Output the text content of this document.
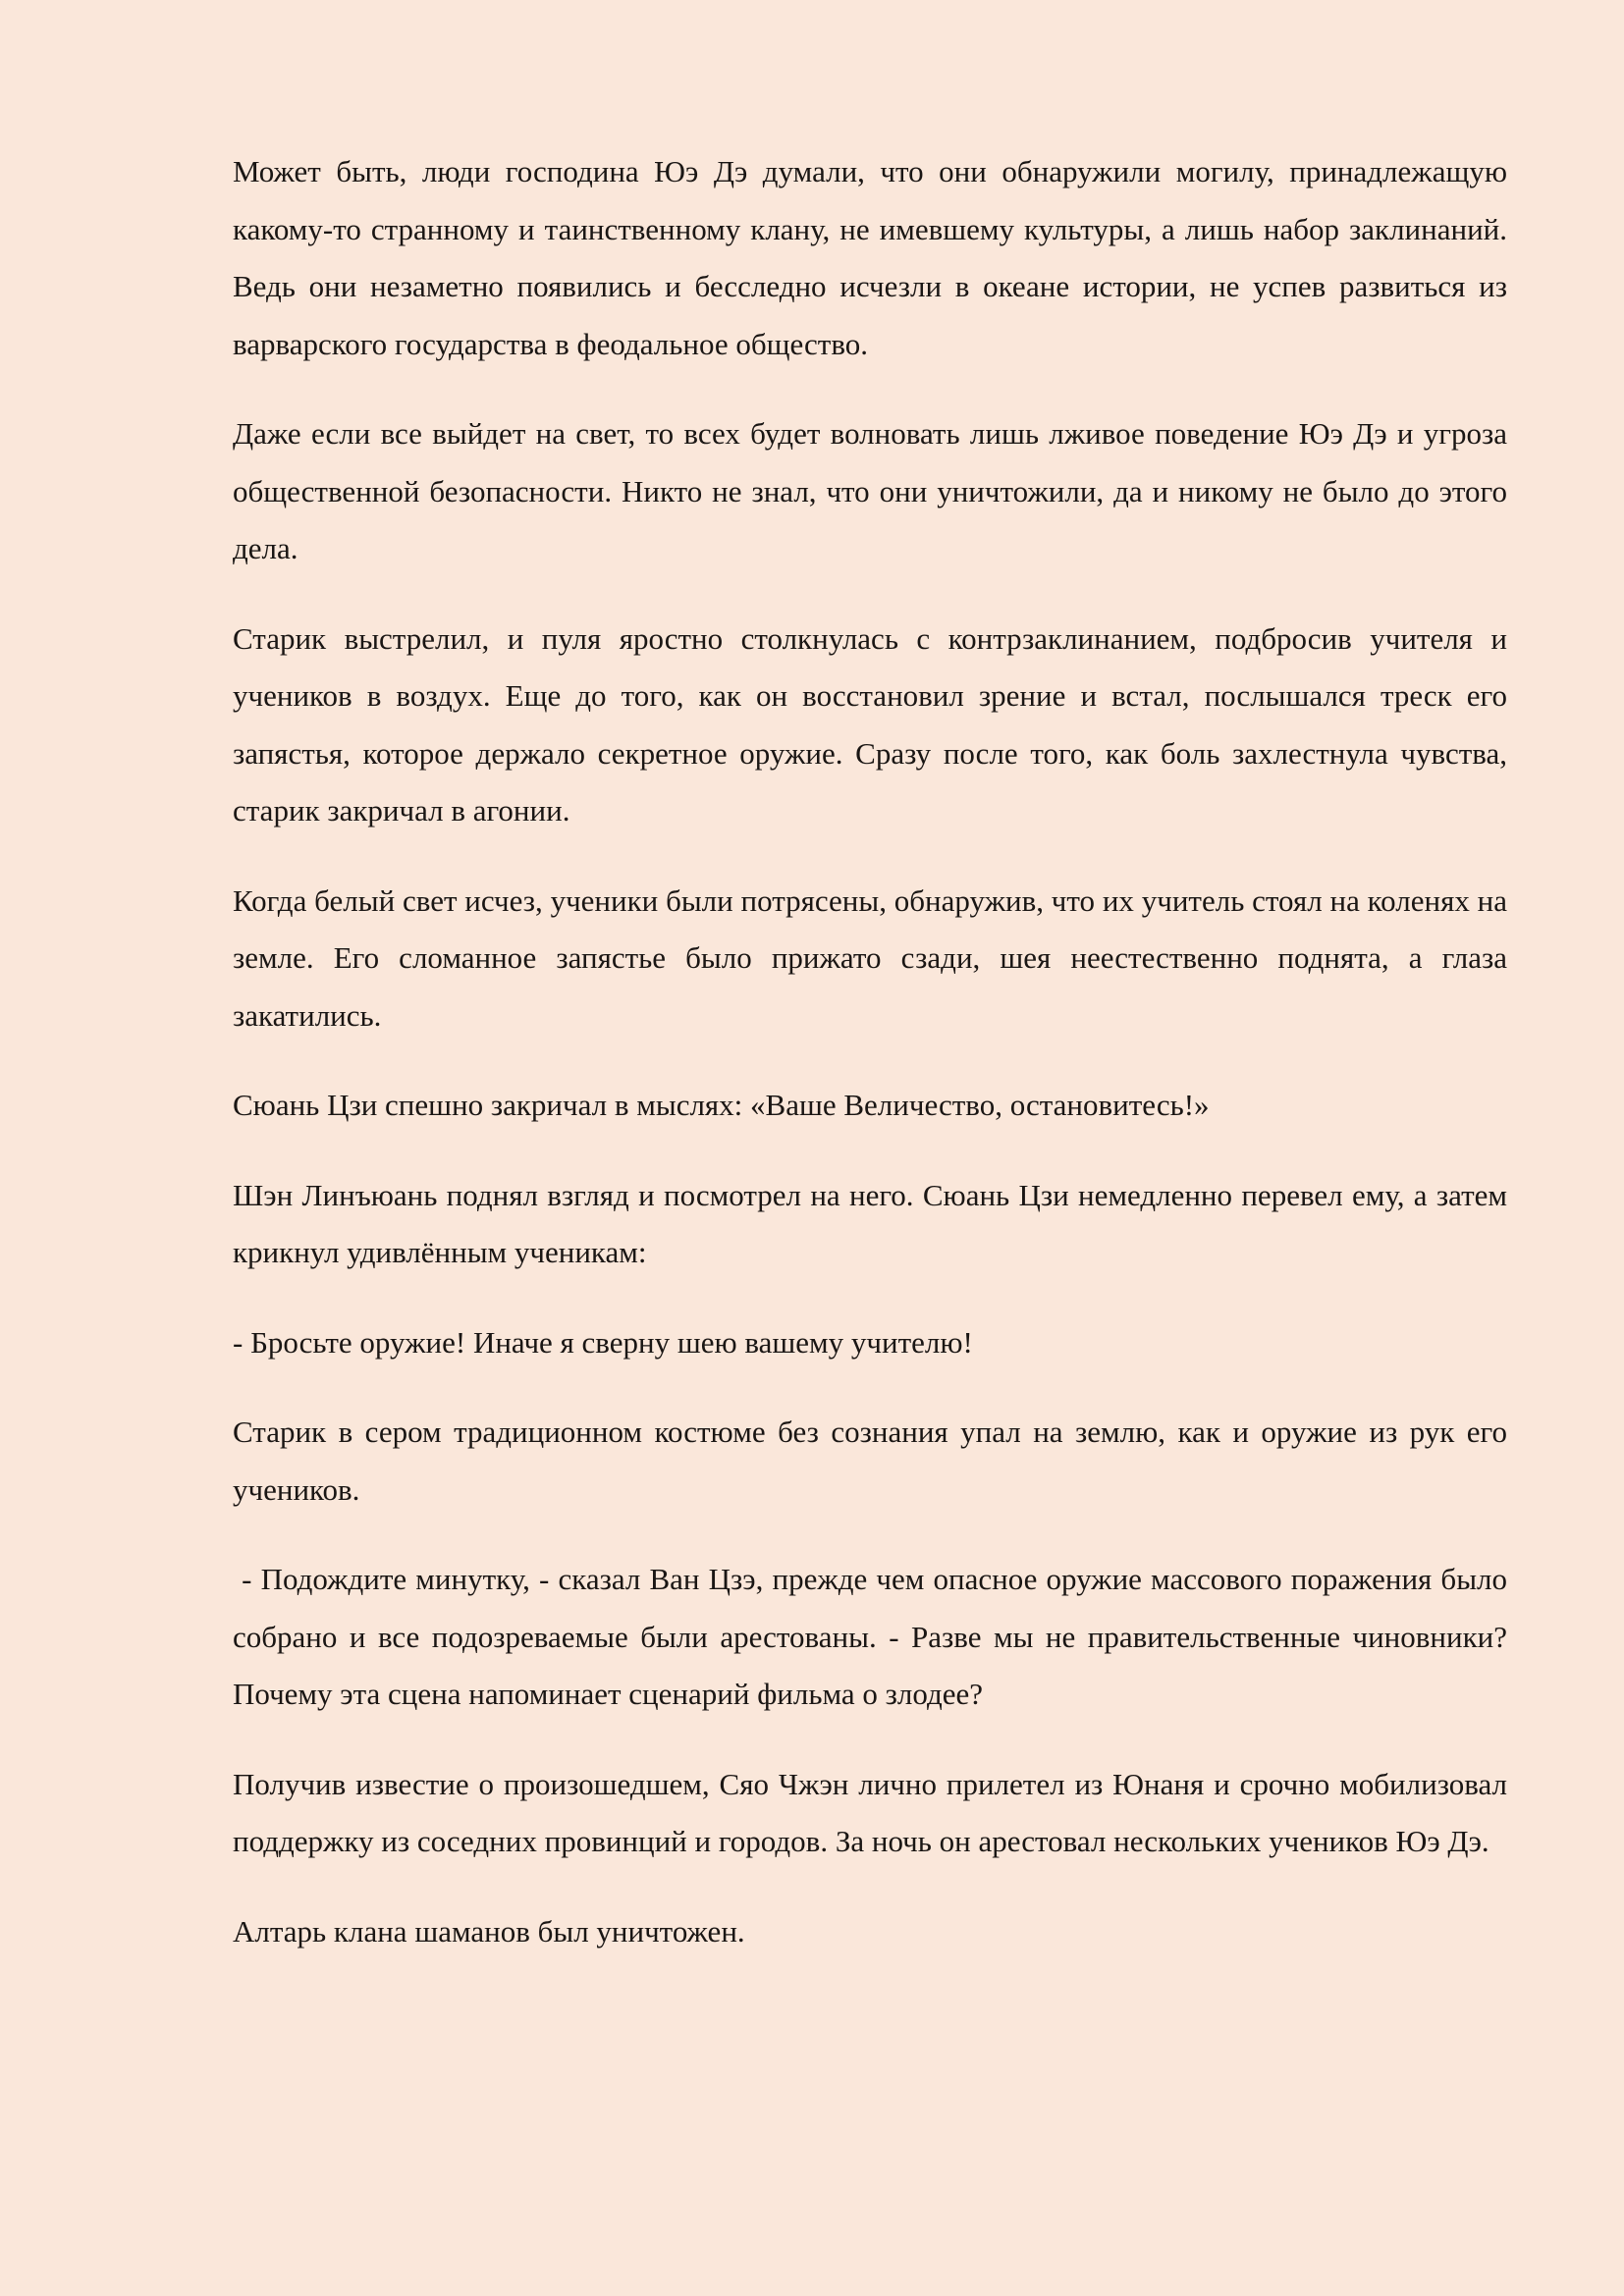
Может быть, люди господина Юэ Дэ думали, что они обнаружили могилу, принадлежащую какому-то странному и таинственному клану, не имевшему культуры, а лишь набор заклинаний. Ведь они незаметно появились и бесследно исчезли в океане истории, не успев развиться из варварского государства в феодальное общество.

Даже если все выйдет на свет, то всех будет волновать лишь лживое поведение Юэ Дэ и угроза общественной безопасности. Никто не знал, что они уничтожили, да и никому не было до этого дела.

Старик выстрелил, и пуля яростно столкнулась с контрзаклинанием, подбросив учителя и учеников в воздух. Еще до того, как он восстановил зрение и встал, послышался треск его запястья, которое держало секретное оружие. Сразу после того, как боль захлестнула чувства, старик закричал в агонии.

Когда белый свет исчез, ученики были потрясены, обнаружив, что их учитель стоял на коленях на земле. Его сломанное запястье было прижато сзади, шея неестественно поднята, а глаза закатились.

Сюань Цзи спешно закричал в мыслях: «Ваше Величество, остановитесь!»

Шэн Линъюань поднял взгляд и посмотрел на него. Сюань Цзи немедленно перевел ему, а затем крикнул удивлённым ученикам:

- Бросьте оружие! Иначе я сверну шею вашему учителю!

Старик в сером традиционном костюме без сознания упал на землю, как и оружие из рук его учеников.

- Подождите минутку, - сказал Ван Цзэ, прежде чем опасное оружие массового поражения было собрано и все подозреваемые были арестованы. - Разве мы не правительственные чиновники? Почему эта сцена напоминает сценарий фильма о злодее?

Получив известие о произошедшем, Сяо Чжэн лично прилетел из Юнаня и срочно мобилизовал поддержку из соседних провинций и городов. За ночь он арестовал нескольких учеников Юэ Дэ.

Алтарь клана шаманов был уничтожен.
